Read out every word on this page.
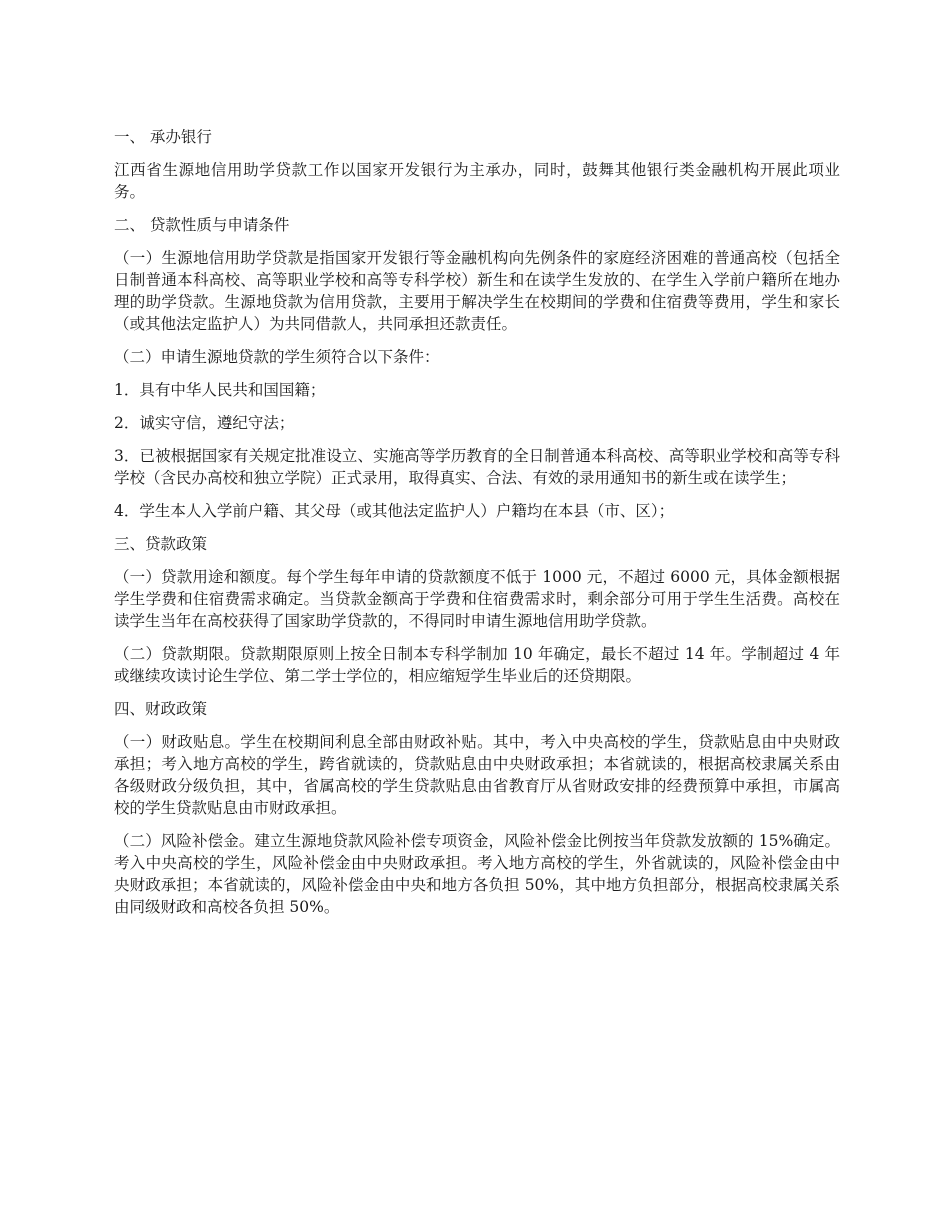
一、 承办银行

江西省生源地信用助学贷款工作以国家开发银行为主承办，同时，鼓舞其他银行类金融机构开展此项业务。

二、 贷款性质与申请条件

（一）生源地信用助学贷款是指国家开发银行等金融机构向先例条件的家庭经济困难的普通高校（包括全日制普通本科高校、高等职业学校和高等专科学校）新生和在读学生发放的、在学生入学前户籍所在地办理的助学贷款。生源地贷款为信用贷款，主要用于解决学生在校期间的学费和住宿费等费用，学生和家长（或其他法定监护人）为共同借款人，共同承担还款责任。

（二）申请生源地贷款的学生须符合以下条件：

1．具有中华人民共和国国籍；

2．诚实守信，遵纪守法；

3．已被根据国家有关规定批准设立、实施高等学历教育的全日制普通本科高校、高等职业学校和高等专科学校（含民办高校和独立学院）正式录用，取得真实、合法、有效的录用通知书的新生或在读学生；

4．学生本人入学前户籍、其父母（或其他法定监护人）户籍均在本县（市、区）；

三、贷款政策

（一）贷款用途和额度。每个学生每年申请的贷款额度不低于 1000 元，不超过 6000 元，具体金额根据学生学费和住宿费需求确定。当贷款金额高于学费和住宿费需求时，剩余部分可用于学生生活费。高校在读学生当年在高校获得了国家助学贷款的，不得同时申请生源地信用助学贷款。

（二）贷款期限。贷款期限原则上按全日制本专科学制加 10 年确定，最长不超过 14 年。学制超过 4 年或继续攻读讨论生学位、第二学士学位的，相应缩短学生毕业后的还贷期限。

四、财政政策

（一）财政贴息。学生在校期间利息全部由财政补贴。其中，考入中央高校的学生，贷款贴息由中央财政承担；考入地方高校的学生，跨省就读的，贷款贴息由中央财政承担；本省就读的，根据高校隶属关系由各级财政分级负担，其中，省属高校的学生贷款贴息由省教育厅从省财政安排的经费预算中承担，市属高校的学生贷款贴息由市财政承担。

（二）风险补偿金。建立生源地贷款风险补偿专项资金，风险补偿金比例按当年贷款发放额的 15%确定。考入中央高校的学生，风险补偿金由中央财政承担。考入地方高校的学生，外省就读的，风险补偿金由中央财政承担；本省就读的，风险补偿金由中央和地方各负担 50%，其中地方负担部分，根据高校隶属关系由同级财政和高校各负担 50%。
